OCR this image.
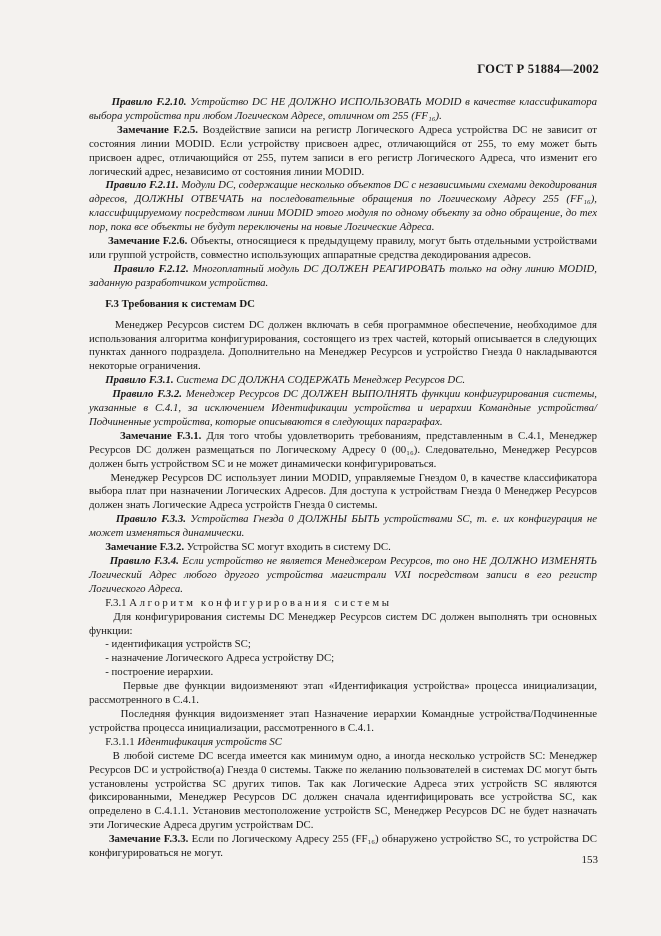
ГОСТ Р 51884—2002

Правило F.2.10. Устройство DC НЕ ДОЛЖНО ИСПОЛЬЗОВАТЬ MODID в качестве классификатора выбора устройства при любом Логическом Адресе, отличном от 255 (FF₁₆).

Замечание F.2.5. Воздействие записи на регистр Логического Адреса устройства DC не зависит от состояния линии MODID. Если устройству присвоен адрес, отличающийся от 255, то ему может быть присвоен адрес, отличающийся от 255, путем записи в его регистр Логического Адреса, что изменит его логический адрес, независимо от состояния линии MODID.

Правило F.2.11. Модули DC, содержащие несколько объектов DC с независимыми схемами декодирования адресов, ДОЛЖНЫ ОТВЕЧАТЬ на последовательные обращения по Логическому Адресу 255 (FF₁₆), классифицируемому посредством линии MODID этого модуля по одному объекту за одно обращение, до тех пор, пока все объекты не будут переключены на новые Логические Адреса.

Замечание F.2.6. Объекты, относящиеся к предыдущему правилу, могут быть отдельными устройствами или группой устройств, совместно использующих аппаратные средства декодирования адресов.

Правило F.2.12. Многоплатный модуль DC ДОЛЖЕН РЕАГИРОВАТЬ только на одну линию MODID, заданную разработчиком устройства.

F.3 Требования к системам DC

Менеджер Ресурсов систем DC должен включать в себя программное обеспечение, необходимое для использования алгоритма конфигурирования, состоящего из трех частей, который описывается в следующих пунктах данного подраздела. Дополнительно на Менеджер Ресурсов и устройство Гнезда 0 накладываются некоторые ограничения.

Правило F.3.1. Система DC ДОЛЖНА СОДЕРЖАТЬ Менеджер Ресурсов DC.

Правило F.3.2. Менеджер Ресурсов DC ДОЛЖЕН ВЫПОЛНЯТЬ функции конфигурирования системы, указанные в С.4.1, за исключением Идентификации устройства и иерархии Командные устройства/Подчиненные устройства, которые описываются в следующих параграфах.

Замечание F.3.1. Для того чтобы удовлетворить требованиям, представленным в С.4.1, Менеджер Ресурсов DC должен размещаться по Логическому Адресу 0 (00₁₆). Следовательно, Менеджер Ресурсов должен быть устройством SC и не может динамически конфигурироваться.

Менеджер Ресурсов DC использует линии MODID, управляемые Гнездом 0, в качестве классификатора выбора плат при назначении Логических Адресов. Для доступа к устройствам Гнезда 0 Менеджер Ресурсов должен знать Логические Адреса устройств Гнезда 0 системы.

Правило F.3.3. Устройства Гнезда 0 ДОЛЖНЫ БЫТЬ устройствами SC, т. е. их конфигурация не может изменяться динамически.

Замечание F.3.2. Устройства SC могут входить в систему DC.

Правило F.3.4. Если устройство не является Менеджером Ресурсов, то оно НЕ ДОЛЖНО ИЗМЕНЯТЬ Логический Адрес любого другого устройства магистрали VXI посредством записи в его регистр Логического Адреса.

F.3.1 Алгоритм конфигурирования системы

Для конфигурирования системы DC Менеджер Ресурсов систем DC должен выполнять три основных функции:

- идентификация устройств SC;

- назначение Логического Адреса устройству DC;

- построение иерархии.

Первые две функции видоизменяют этап «Идентификация устройства» процесса инициализации, рассмотренного в С.4.1.

Последняя функция видоизменяет этап Назначение иерархии Командные устройства/Подчиненные устройства процесса инициализации, рассмотренного в С.4.1.

F.3.1.1 Идентификация устройств SC

В любой системе DC всегда имеется как минимум одно, а иногда несколько устройств SC: Менеджер Ресурсов DC и устройство(а) Гнезда 0 системы. Также по желанию пользователей в системах DC могут быть установлены устройства SC других типов. Так как Логические Адреса этих устройств SC являются фиксированными, Менеджер Ресурсов DC должен сначала идентифицировать все устройства SC, как определено в С.4.1.1. Установив местоположение устройств SC, Менеджер Ресурсов DC не будет назначать эти Логические Адреса другим устройствам DC.

Замечание F.3.3. Если по Логическому Адресу 255 (FF₁₆) обнаружено устройство SC, то устройства DC конфигурироваться не могут.

153
